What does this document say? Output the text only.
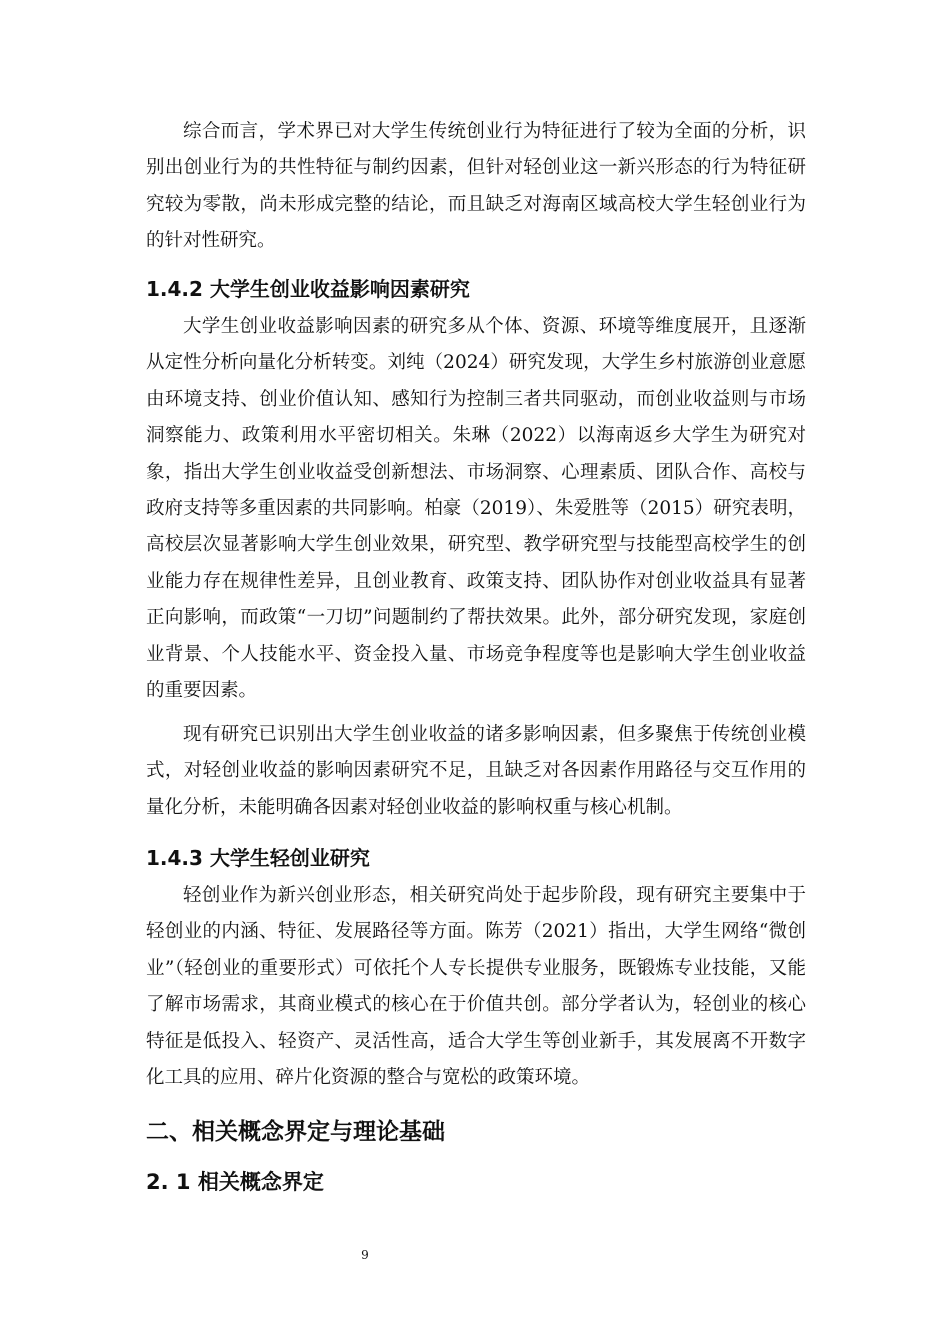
综合而言，学术界已对大学生传统创业行为特征进行了较为全面的分析，识别出创业行为的共性特征与制约因素，但针对轻创业这一新兴形态的行为特征研究较为零散，尚未形成完整的结论，而且缺乏对海南区域高校大学生轻创业行为的针对性研究。

1.4.2 大学生创业收益影响因素研究

大学生创业收益影响因素的研究多从个体、资源、环境等维度展开，且逐渐从定性分析向量化分析转变。刘纯（2024）研究发现，大学生乡村旅游创业意愿由环境支持、创业价值认知、感知行为控制三者共同驱动，而创业收益则与市场洞察能力、政策利用水平密切相关。朱琳（2022）以海南返乡大学生为研究对象，指出大学生创业收益受创新想法、市场洞察、心理素质、团队合作、高校与政府支持等多重因素的共同影响。柏豪（2019）、朱爱胜等（2015）研究表明，高校层次显著影响大学生创业效果，研究型、教学研究型与技能型高校学生的创业能力存在规律性差异，且创业教育、政策支持、团队协作对创业收益具有显著正向影响，而政策“一刀切”问题制约了帮扶效果。此外，部分研究发现，家庭创业背景、个人技能水平、资金投入量、市场竞争程度等也是影响大学生创业收益的重要因素。

现有研究已识别出大学生创业收益的诸多影响因素，但多聚焦于传统创业模式，对轻创业收益的影响因素研究不足，且缺乏对各因素作用路径与交互作用的量化分析，未能明确各因素对轻创业收益的影响权重与核心机制。

1.4.3 大学生轻创业研究

轻创业作为新兴创业形态，相关研究尚处于起步阶段，现有研究主要集中于轻创业的内涵、特征、发展路径等方面。陈芳（2021）指出，大学生网络“微创业”（轻创业的重要形式）可依托个人专长提供专业服务，既锻炼专业技能，又能了解市场需求，其商业模式的核心在于价值共创。部分学者认为，轻创业的核心特征是低投入、轻资产、灵活性高，适合大学生等创业新手，其发展离不开数字化工具的应用、碎片化资源的整合与宽松的政策环境。

二、相关概念界定与理论基础
2. 1 相关概念界定
9
